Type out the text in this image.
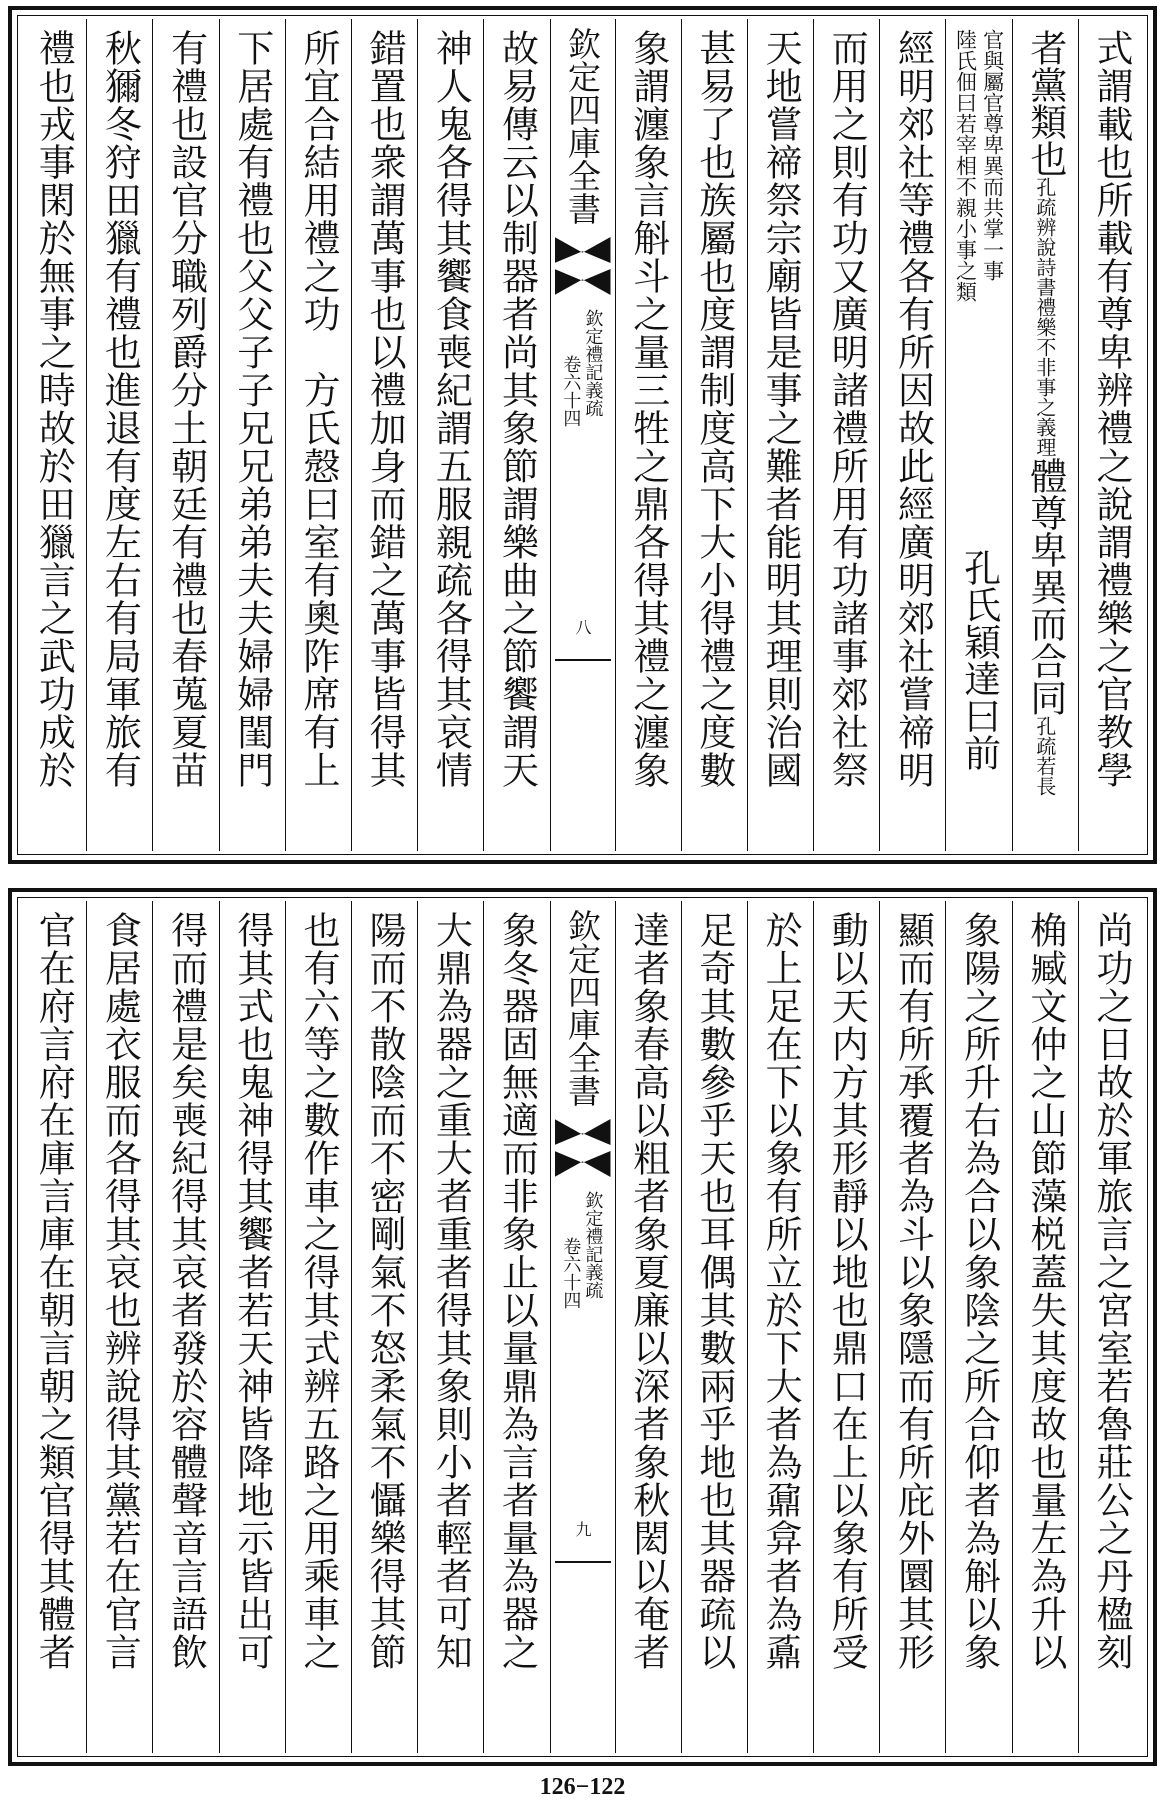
式謂載也所載有尊卑辨禮之說謂禮樂之官教學
者黨類也孔疏辨說詩書禮樂不非事之義理體尊卑異而合同孔疏若長
官與屬官尊卑異而共掌一事
陸氏佃曰若宰相不親小事之類
孔氏穎達曰前
經明郊社等禮各有所因故此經廣明郊社嘗禘明
而用之則有功又廣明諸禮所用有功諸事郊社祭
天地嘗禘祭宗廟皆是事之難者能明其理則治國
甚易了也族屬也度謂制度高下大小得禮之度數
象謂瀍象言斛斗之量三牲之鼎各得其禮之瀍象
欽定四庫全書
欽定禮記義疏
卷六十四
八
故易傳云以制器者尚其象節謂樂曲之節饗謂天
神人鬼各得其饗食喪紀謂五服親疏各得其哀情
錯置也衆謂萬事也以禮加身而錯之萬事皆得其
所宜合結用禮之功　方氏慤曰室有奧阼席有上
下居處有禮也父父子子兄兄弟弟夫夫婦婦閨門
有禮也設官分職列爵分土朝廷有禮也春蒐夏苗
秋獮冬狩田獵有禮也進退有度左右有局軍旅有
禮也戎事閑於無事之時故於田獵言之武功成於
尚功之日故於軍旅言之宮室若魯莊公之丹楹刻
桷臧文仲之山節藻棁蓋失其度故也量左為升以
象陽之所升右為合以象陰之所合仰者為斛以象
顯而有所承覆者為斗以象隱而有所庇外圜其形
動以天内方其形靜以地也鼎口在上以象有所受
於上足在下以象有所立於下大者為鼐弇者為鼒
足奇其數參乎天也耳偶其數兩乎地也其器疏以
達者象春高以粗者象夏廉以深者象秋閎以奄者
欽定四庫全書
欽定禮記義疏
卷六十四
九
象冬器固無適而非象止以量鼎為言者量為器之
大鼎為器之重大者重者得其象則小者輕者可知
陽而不散陰而不密剛氣不怒柔氣不懾樂得其節
也有六等之數作車之得其式辨五路之用乘車之
得其式也鬼神得其饗者若天神皆降地示皆出可
得而禮是矣喪紀得其哀者發於容體聲音言語飲
食居處衣服而各得其哀也辨說得其黨若在官言
官在府言府在庫言庫在朝言朝之類官得其體者
126−122
